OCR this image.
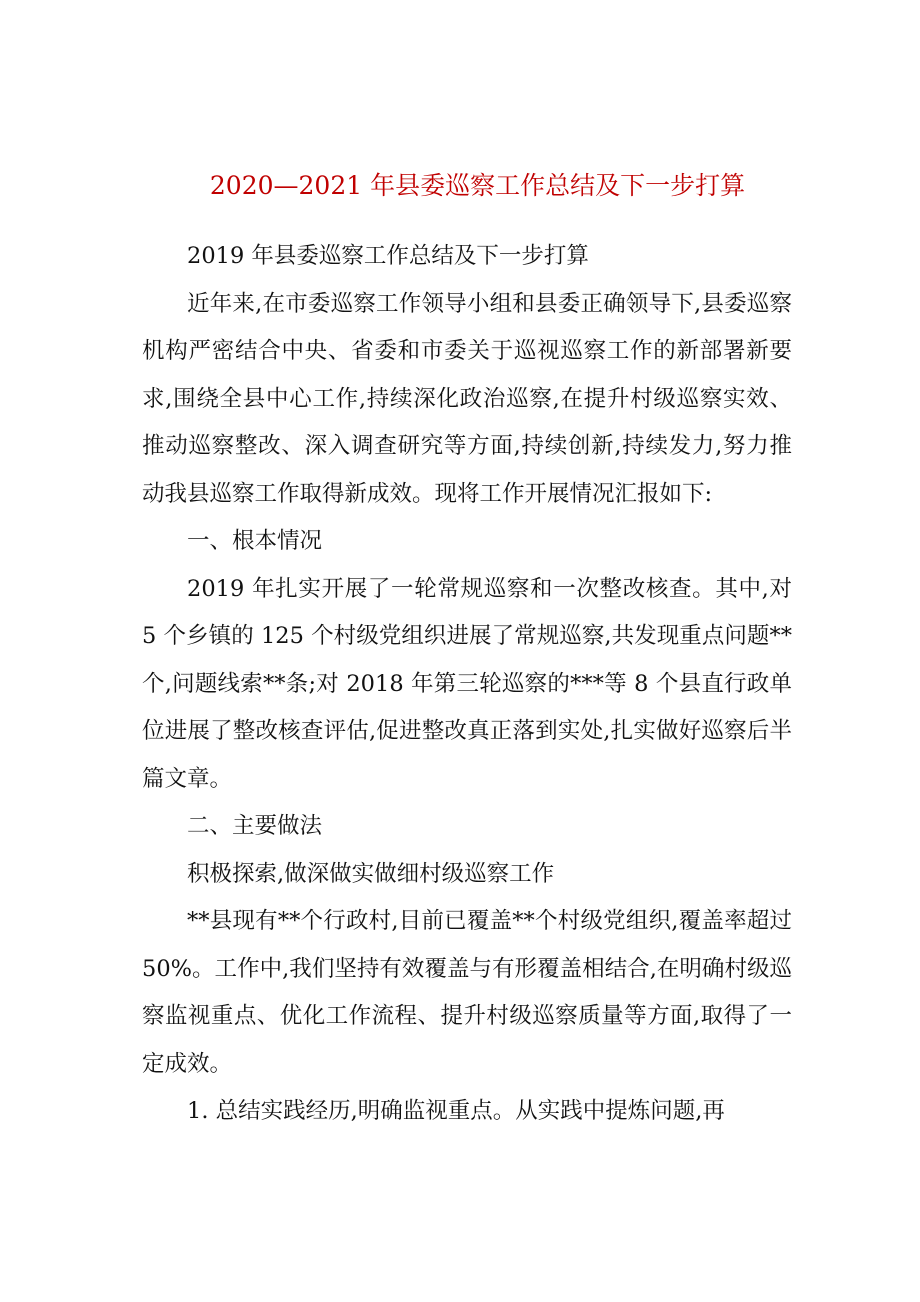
2020—2021 年县委巡察工作总结及下一步打算

2019 年县委巡察工作总结及下一步打算

近年来,在市委巡察工作领导小组和县委正确领导下,县委巡察机构严密结合中央、省委和市委关于巡视巡察工作的新部署新要求,围绕全县中心工作,持续深化政治巡察,在提升村级巡察实效、推动巡察整改、深入调查研究等方面,持续创新,持续发力,努力推动我县巡察工作取得新成效。现将工作开展情况汇报如下:

一、根本情况

2019 年扎实开展了一轮常规巡察和一次整改核查。其中,对 5 个乡镇的 125 个村级党组织进展了常规巡察,共发现重点问题**个,问题线索**条;对 2018 年第三轮巡察的***等 8 个县直行政单位进展了整改核查评估,促进整改真正落到实处,扎实做好巡察后半篇文章。

二、主要做法

积极探索,做深做实做细村级巡察工作

**县现有**个行政村,目前已覆盖**个村级党组织,覆盖率超过 50%。工作中,我们坚持有效覆盖与有形覆盖相结合,在明确村级巡察监视重点、优化工作流程、提升村级巡察质量等方面,取得了一定成效。

1. 总结实践经历,明确监视重点。从实践中提炼问题,再
